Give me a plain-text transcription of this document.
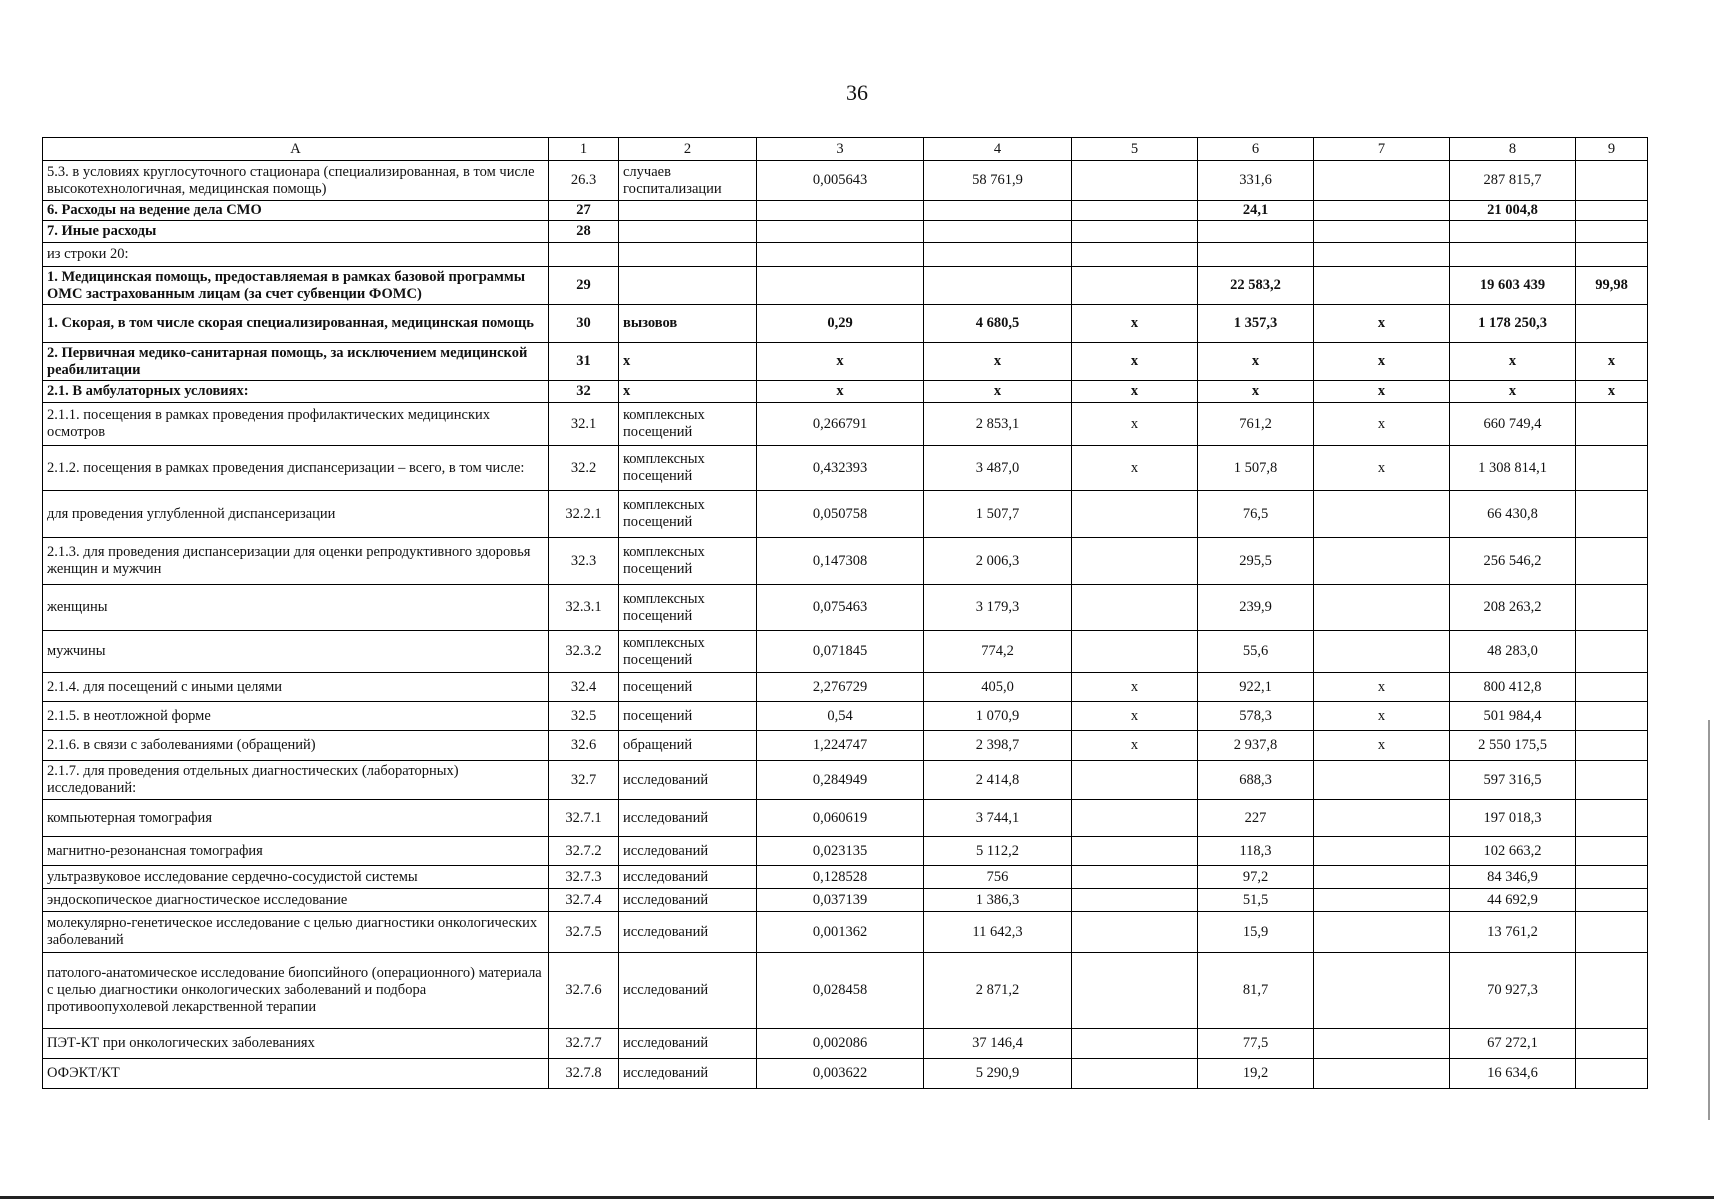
36
А	1	2	3	4	5	6	7	8	9
5.3. в условиях круглосуточного стационара (специализированная, в том числе высокотехнологичная, медицинская помощь)	26.3	случаев госпитализации	0,005643	58 761,9		331,6		287 815,7	
6. Расходы на ведение дела СМО	27					24,1		21 004,8	
7. Иные расходы	28								
из строки 20:									
1. Медицинская помощь, предоставляемая в рамках базовой программы ОМС застрахованным лицам (за счет субвенции ФОМС)	29					22 583,2		19 603 439	99,98
1. Скорая, в том числе скорая специализированная, медицинская помощь	30	вызовов	0,29	4 680,5	х	1 357,3	х	1 178 250,3	
2. Первичная медико-санитарная помощь, за исключением медицинской реабилитации	31	х	х	х	х	х	х	х	х
2.1. В амбулаторных условиях:	32	х	х	х	х	х	х	х	х
2.1.1. посещения в рамках проведения профилактических медицинских осмотров	32.1	комплексных посещений	0,266791	2 853,1	х	761,2	х	660 749,4	
2.1.2. посещения в рамках проведения диспансеризации – всего, в том числе:	32.2	комплексных посещений	0,432393	3 487,0	х	1 507,8	х	1 308 814,1	
для проведения углубленной диспансеризации	32.2.1	комплексных посещений	0,050758	1 507,7		76,5		66 430,8	
2.1.3. для проведения диспансеризации для оценки репродуктивного здоровья женщин и мужчин	32.3	комплексных посещений	0,147308	2 006,3		295,5		256 546,2	
женщины	32.3.1	комплексных посещений	0,075463	3 179,3		239,9		208 263,2	
мужчины	32.3.2	комплексных посещений	0,071845	774,2		55,6		48 283,0	
2.1.4. для посещений с иными целями	32.4	посещений	2,276729	405,0	х	922,1	х	800 412,8	
2.1.5. в неотложной форме	32.5	посещений	0,54	1 070,9	х	578,3	х	501 984,4	
2.1.6. в связи с заболеваниями (обращений)	32.6	обращений	1,224747	2 398,7	х	2 937,8	х	2 550 175,5	
2.1.7. для проведения отдельных диагностических (лабораторных) исследований:	32.7	исследований	0,284949	2 414,8		688,3		597 316,5	
компьютерная томография	32.7.1	исследований	0,060619	3 744,1		227		197 018,3	
магнитно-резонансная томография	32.7.2	исследований	0,023135	5 112,2		118,3		102 663,2	
ультразвуковое исследование сердечно-сосудистой системы	32.7.3	исследований	0,128528	756		97,2		84 346,9	
эндоскопическое диагностическое исследование	32.7.4	исследований	0,037139	1 386,3		51,5		44 692,9	
молекулярно-генетическое исследование с целью диагностики онкологических заболеваний	32.7.5	исследований	0,001362	11 642,3		15,9		13 761,2	
патолого-анатомическое исследование биопсийного (операционного) материала с целью диагностики онкологических заболеваний и подбора противоопухолевой лекарственной терапии	32.7.6	исследований	0,028458	2 871,2		81,7		70 927,3	
ПЭТ-КТ при онкологических заболеваниях	32.7.7	исследований	0,002086	37 146,4		77,5		67 272,1	
ОФЭКТ/КТ	32.7.8	исследований	0,003622	5 290,9		19,2		16 634,6	
